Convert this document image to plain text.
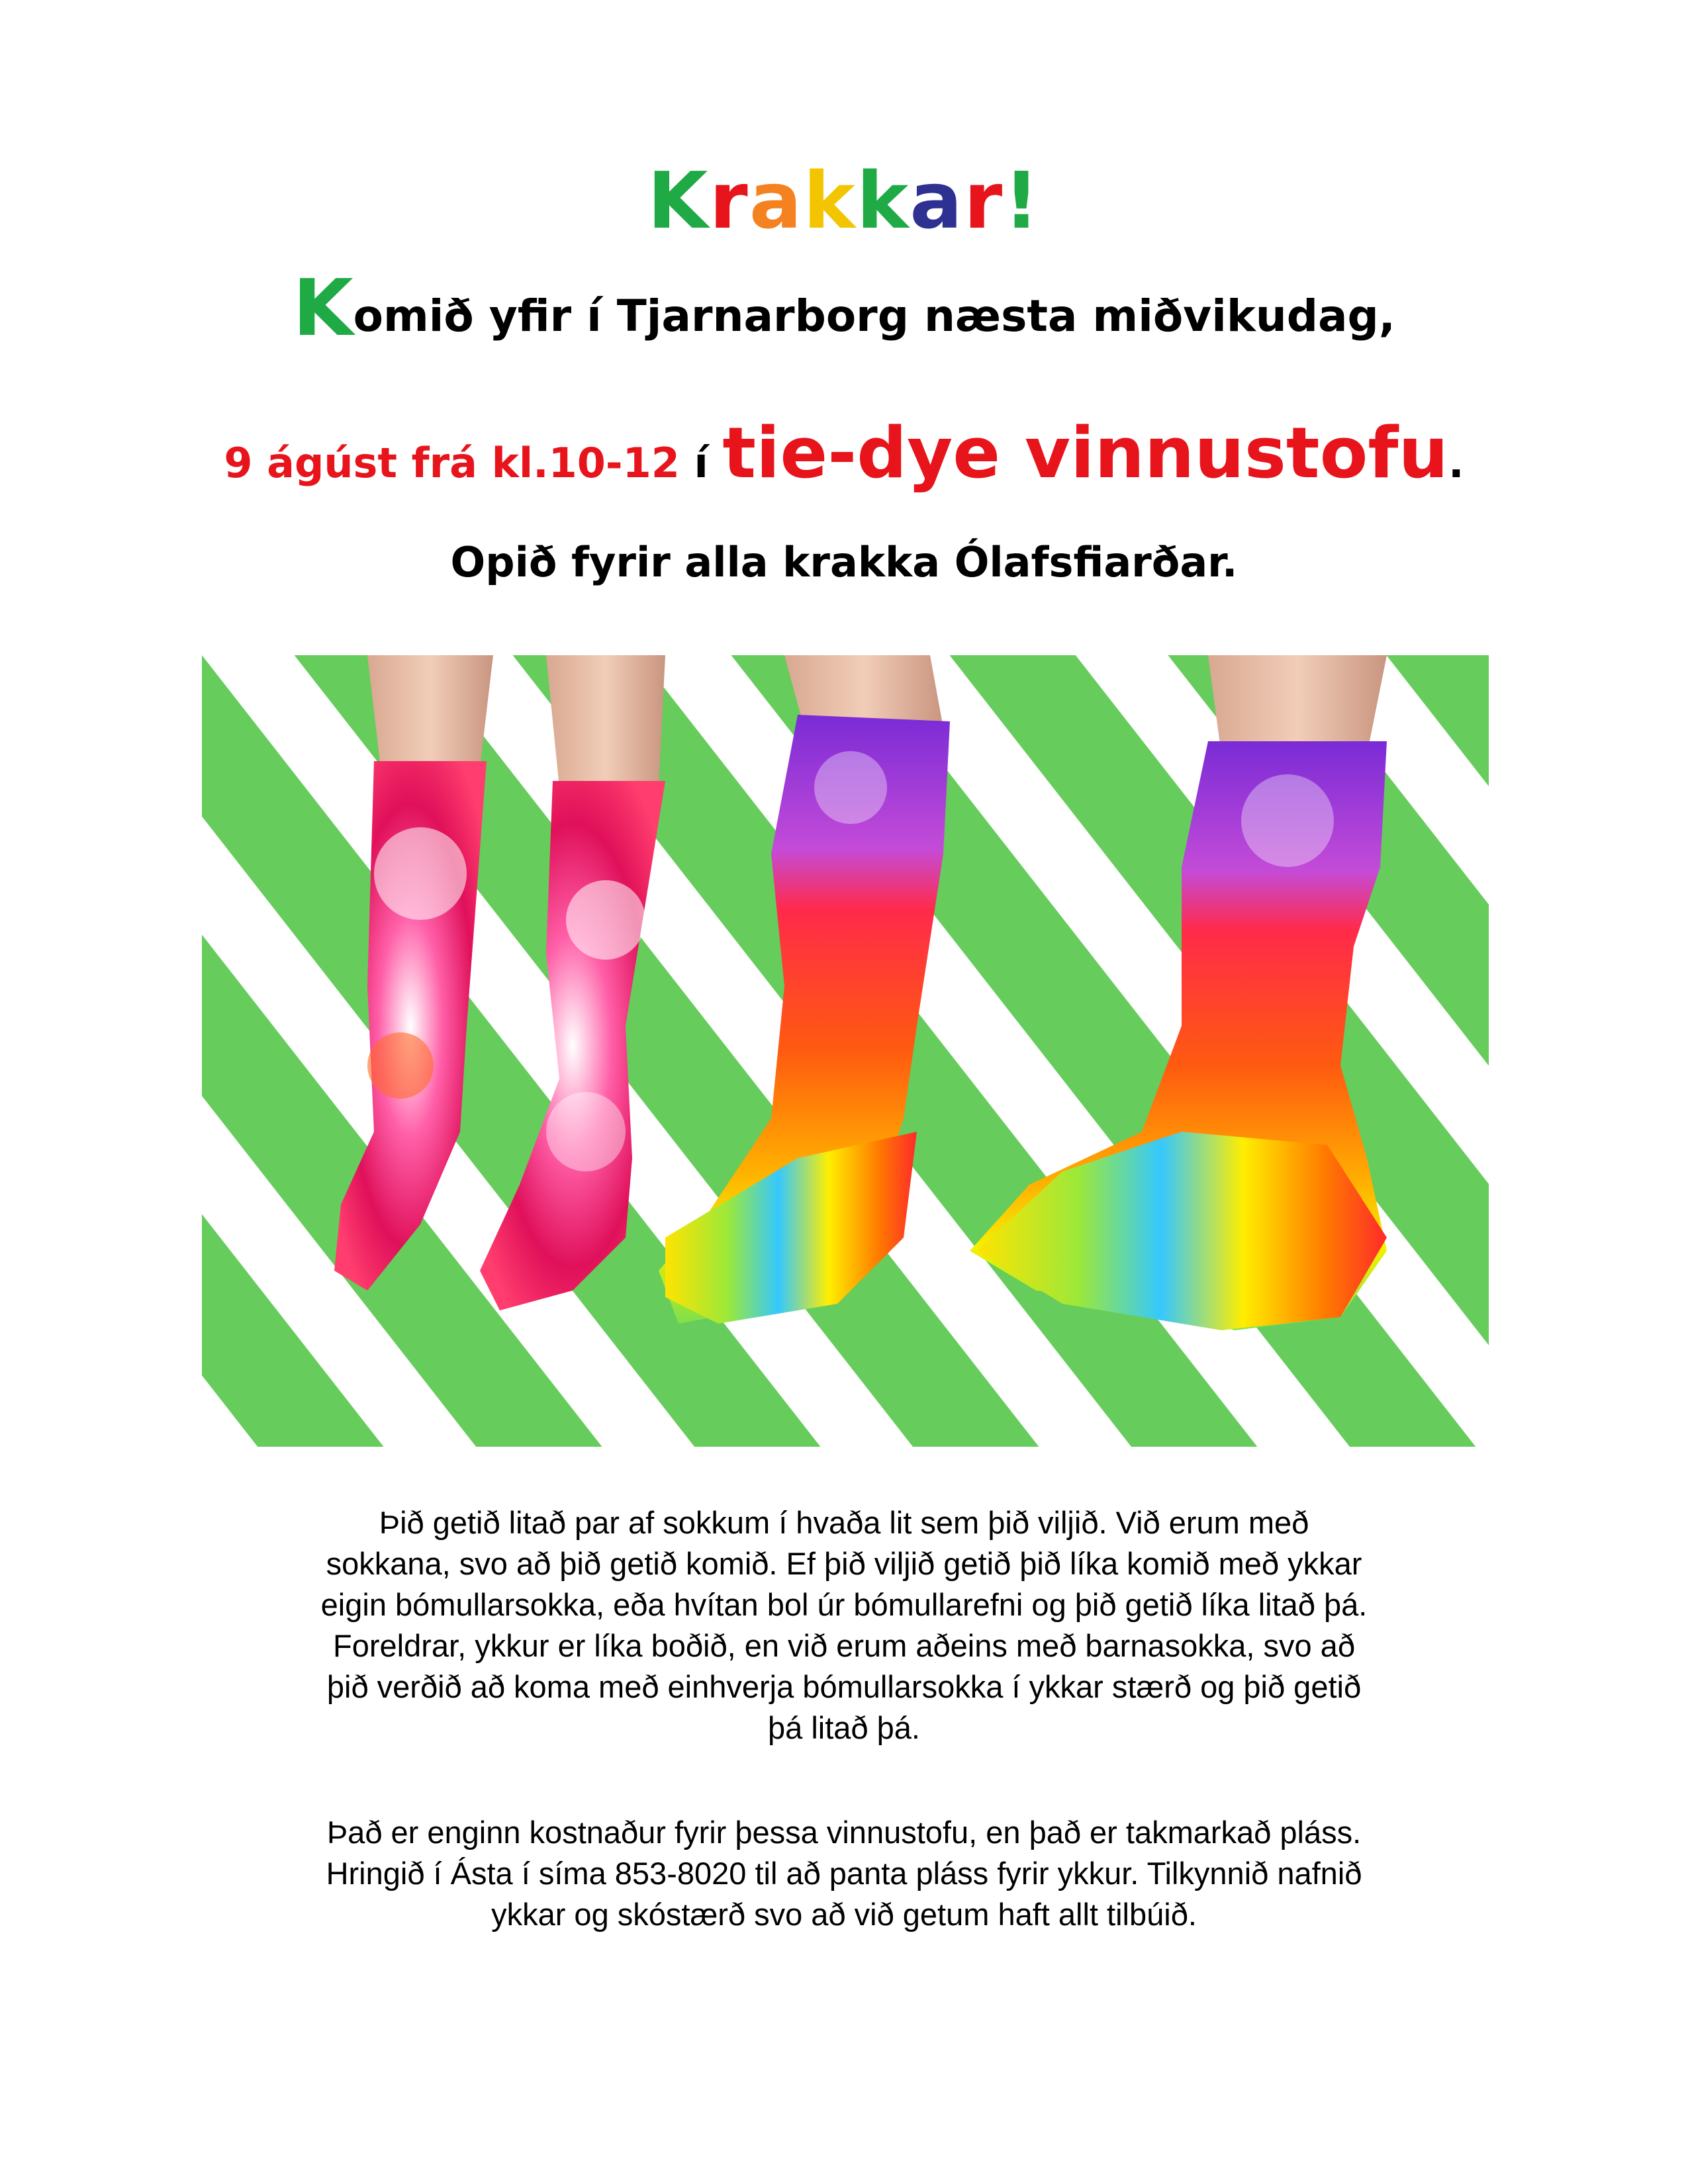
Krakkar!
Komið yfir í Tjarnarborg næsta miðvikudag,
9 ágúst frá kl.10-12 í tie-dye vinnustofu.
Opið fyrir alla krakka Ólafsfiarðar.
Þið getið litað par af sokkum í hvaða lit sem þið viljið. Við erum með
sokkana, svo að þið getið komið. Ef þið viljið getið þið líka komið með ykkar
eigin bómullarsokka, eða hvítan bol úr bómullarefni og þið getið líka litað þá.
Foreldrar, ykkur er líka boðið, en við erum aðeins með barnasokka, svo að
þið verðið að koma með einhverja bómullarsokka í ykkar stærð og þið getið
þá litað þá.
Það er enginn kostnaður fyrir þessa vinnustofu, en það er takmarkað pláss.
Hringið í Ásta í síma 853-8020 til að panta pláss fyrir ykkur. Tilkynnið nafnið
ykkar og skóstærð svo að við getum haft allt tilbúið.
